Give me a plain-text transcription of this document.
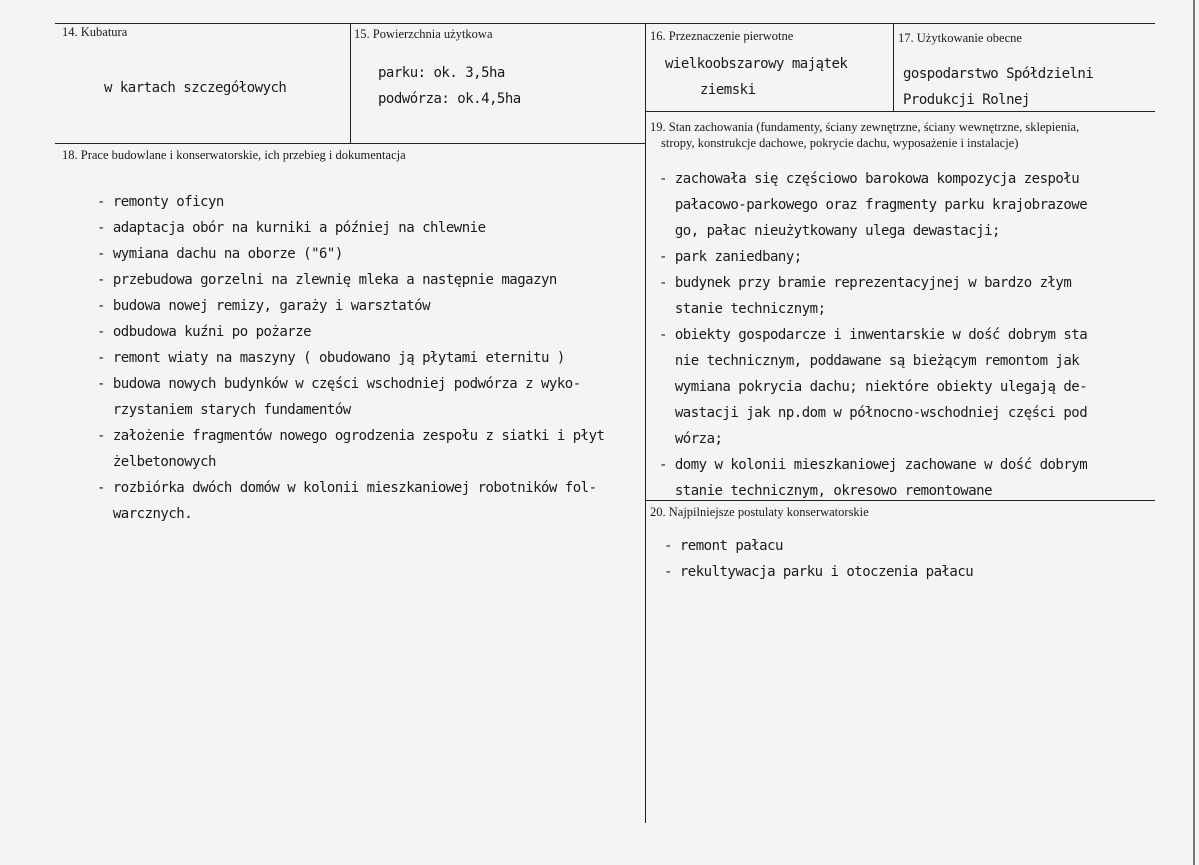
14. Kubatura
w kartach szczegółowych
15. Powierzchnia użytkowa
parku: ok. 3,5ha
podwórza: ok.4,5ha
16. Przeznaczenie pierwotne
wielkoobszarowy majątek
ziemski
17. Użytkowanie obecne
gospodarstwo Spółdzielni
Produkcji Rolnej
18. Prace budowlane i konserwatorskie, ich przebieg i dokumentacja
- remonty oficyn
- adaptacja obór na kurniki a później na chlewnie
- wymiana dachu na oborze ("6")
- przebudowa gorzelni na zlewnię mleka a następnie magazyn
- budowa nowej remizy, garaży i warsztatów
- odbudowa kuźni po pożarze
- remont wiaty na maszyny ( obudowano ją płytami eternitu )
- budowa nowych budynków w części wschodniej podwórza z wyko-
rzystaniem starych fundamentów
- założenie fragmentów nowego ogrodzenia zespołu z siatki i płyt
żelbetonowych
- rozbiórka dwóch domów w kolonii mieszkaniowej robotników fol-
warcznych.
19. Stan zachowania (fundamenty, ściany zewnętrzne, ściany wewnętrzne, sklepienia,
stropy, konstrukcje dachowe, pokrycie dachu, wyposażenie i instalacje)
- zachowała się częściowo barokowa kompozycja zespołu
pałacowo-parkowego oraz fragmenty parku krajobrazowe
go, pałac nieużytkowany ulega dewastacji;
- park zaniedbany;
- budynek przy bramie reprezentacyjnej w bardzo złym
stanie technicznym;
- obiekty gospodarcze i inwentarskie w dość dobrym sta
nie technicznym, poddawane są bieżącym remontom jak
wymiana pokrycia dachu; niektóre obiekty ulegają de-
wastacji jak np.dom w północno-wschodniej części pod
wórza;
- domy w kolonii mieszkaniowej zachowane w dość dobrym
stanie technicznym, okresowo remontowane
20. Najpilniejsze postulaty konserwatorskie
- remont pałacu
- rekultywacja parku i otoczenia pałacu
